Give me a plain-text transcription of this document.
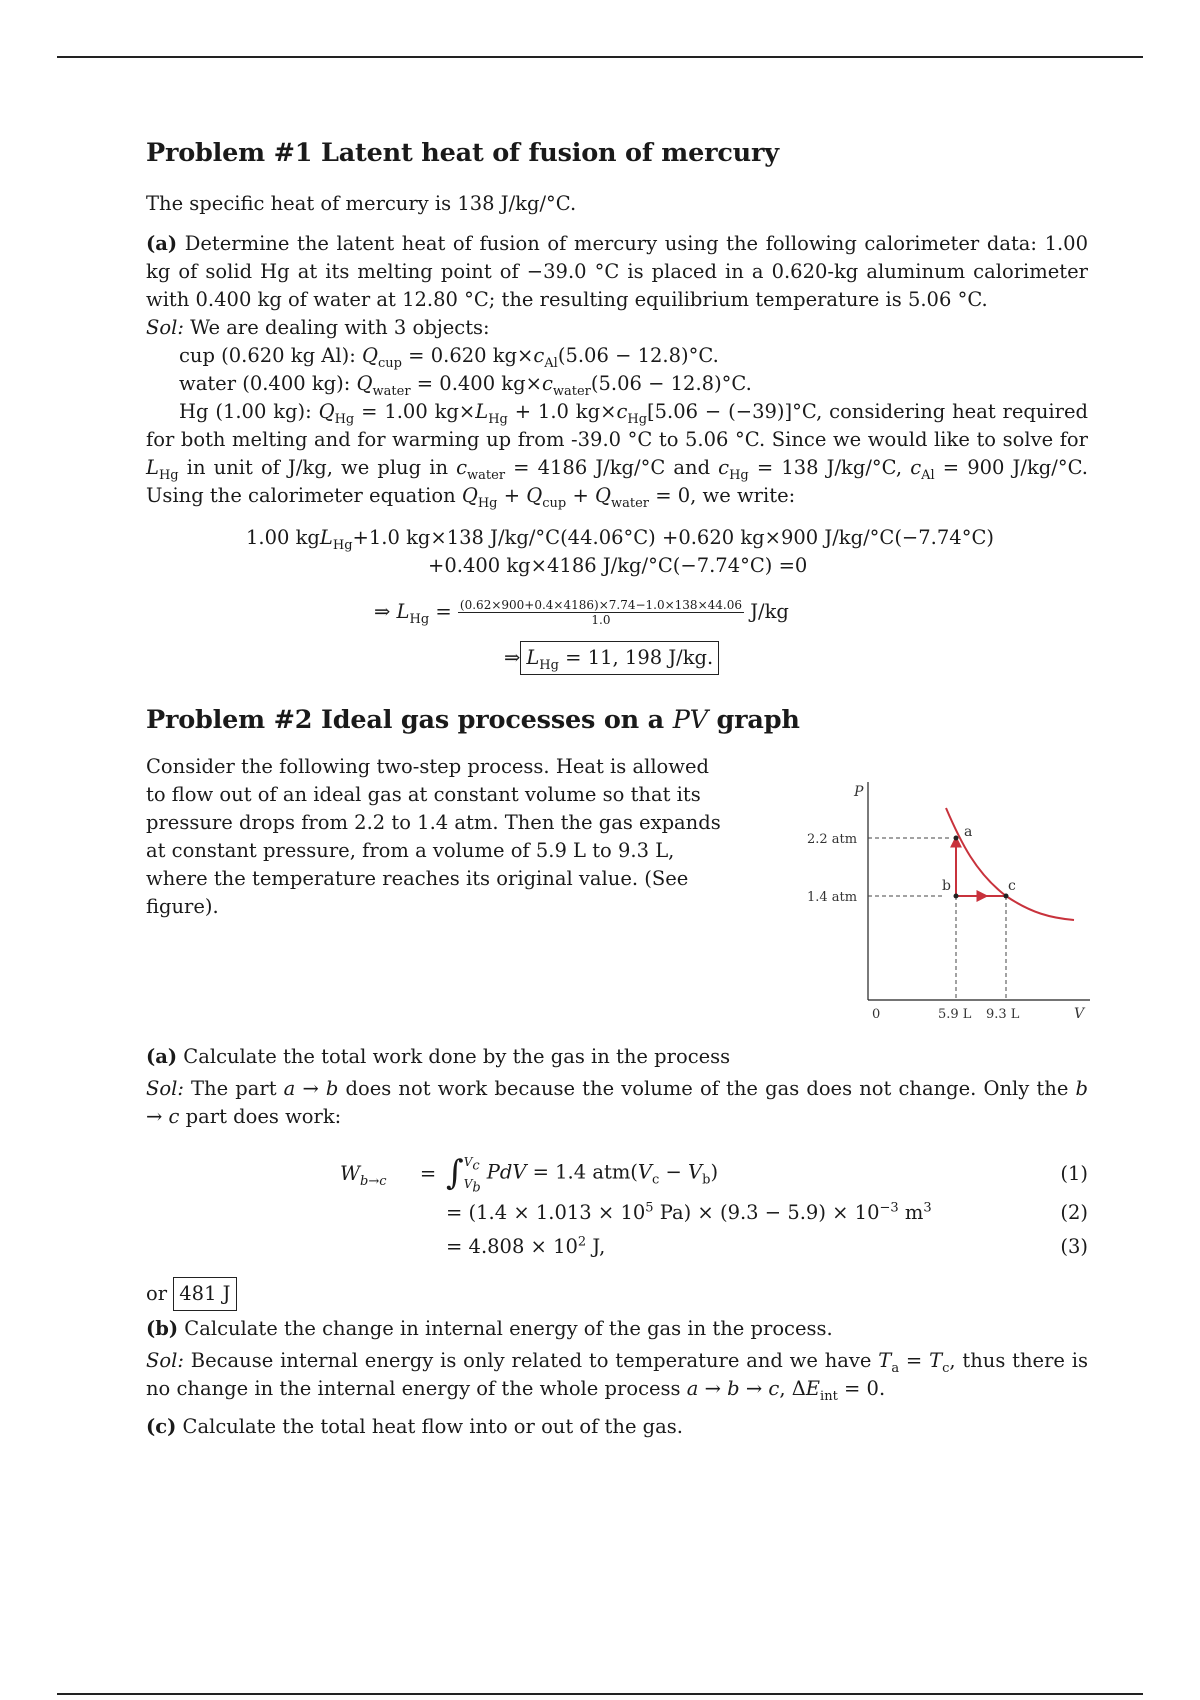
Problem #1 Latent heat of fusion of mercury

The specific heat of mercury is 138 J/kg/°C.

(a) Determine the latent heat of fusion of mercury using the following calorimeter data: 1.00 kg of solid Hg at its melting point of −39.0 °C is placed in a 0.620-kg aluminum calorimeter with 0.400 kg of water at 12.80 °C; the resulting equilibrium temperature is 5.06 °C.

Sol: We are dealing with 3 objects:

cup (0.620 kg Al): $Q_{cup} = 0.620$ $kg\times c_{Al}(5.06 - 12.8)^\circ C$.

water (0.400 kg): $Q_{water} = 0.400$ $kg\times c_{water}(5.06 - 12.8)^\circ C$.

Hg (1.00 kg): $Q_{Hg} = 1.00$ $kg\times L_{Hg} + 1.0$ $kg\times c_{Hg}[5.06 - (-39)]^\circ C$, considering heat required for both melting and for warming up from -39.0 °C to 5.06 °C. Since we would like to solve for $L_{Hg}$ in unit of J/kg, we plug in $c_{water} = 4186$ J/kg/°C and $c_{Hg} = 138$ J/kg/°C, $c_{Al} = 900$ J/kg/°C. Using the calorimeter equation $Q_{Hg} + Q_{cup} + Q_{water} = 0$, we write:

1.00 kgL$_{Hg}$+1.0 kg×138 J/kg/°C(44.06°C) +0.620 kg×900 J/kg/°C(−7.74°C)
+0.400 kg×4186 J/kg/°C(−7.74°C) =0
⇒ $L_{Hg} = \frac{(0.62\times 900+0.4\times 4186)\times 7.74-1.0\times 138\times 44.06}{1.0} J/kg$
⇒ $L_{Hg} = 11$, 198 J/kg.
Problem #2 Ideal gas processes on a PV graph

Consider the following two-step process. Heat is allowed to flow out of an ideal gas at constant volume so that its pressure drops from 2.2 to 1.4 atm. Then the gas expands at constant pressure, from a volume of 5.9 L to 9.3 L, where the temperature reaches its original value. (See figure).

(a) Calculate the total work done by the gas in the process

Sol: The part a → b does not work because the volume of the gas does not change. Only the b → c part does work:

$W_{b\to c}$	=	∫ $V_c$
$V_b$
PdV = 1.4 $atm(V_c - V_b)$	(1)
		= ($1.4 \times 1.013 \times 10^5$ $Pa) \times (9.3 - 5.9) \times 10^{-3}$ $m^3$	(2)
		= $4.808 \times 10^2$ J,	(3)

or 481 J

(b) Calculate the change in internal energy of the gas in the process.

Sol: Because internal energy is only related to temperature and we have $T_a = T_c$, thus there is no change in the internal energy of the whole process a → b → c, $\Delta E_{int} = 0$.

(c) Calculate the total heat flow into or out of the gas.

P
V
2.2 atm
1.4 atm
0	5.9 L 9.3 L
a
b	c
